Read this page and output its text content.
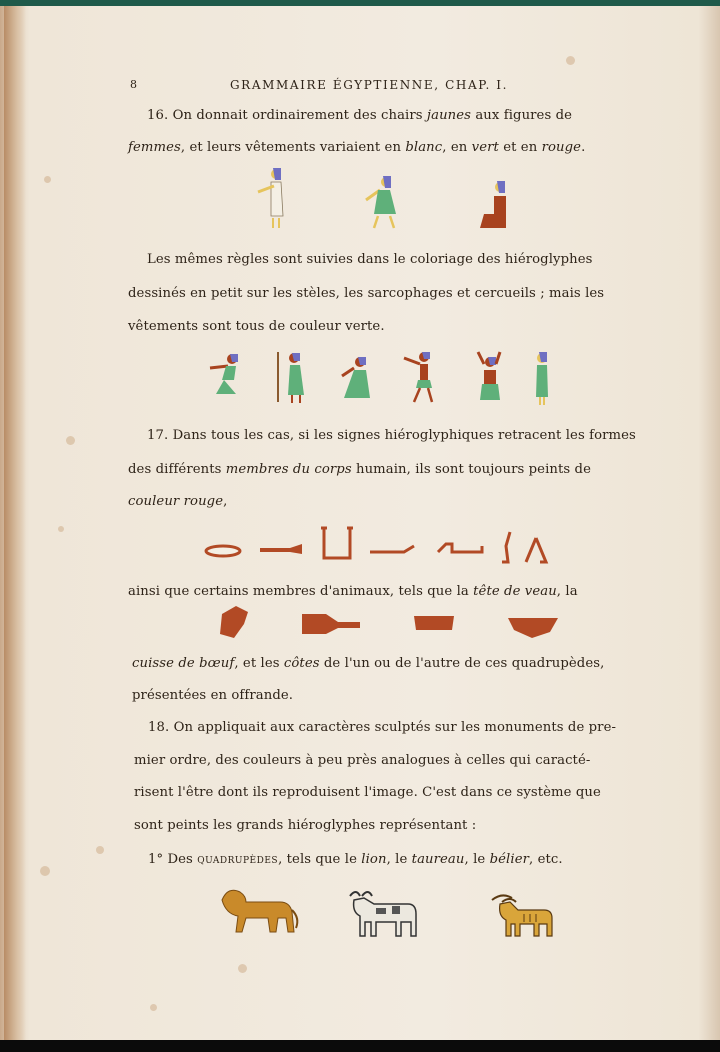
8	GRAMMAIRE ÉGYPTIENNE, CHAP. I.
16. On donnait ordinairement des chairs jaunes aux figures de
femmes, et leurs vêtements variaient en blanc, en vert et en rouge.
Les mêmes règles sont suivies dans le coloriage des hiéroglyphes
dessinés en petit sur les stèles, les sarcophages et cercueils ; mais les
vêtements sont tous de couleur verte.
17. Dans tous les cas, si les signes hiéroglyphiques retracent les formes
des différents membres du corps humain, ils sont toujours peints de
couleur rouge,
ainsi que certains membres d'animaux, tels que la tête de veau, la
cuisse de bœuf, et les côtes de l'un ou de l'autre de ces quadrupèdes,
présentées en offrande.
18. On appliquait aux caractères sculptés sur les monuments de pre-
mier ordre, des couleurs à peu près analogues à celles qui caracté-
risent l'être dont ils reproduisent l'image. C'est dans ce système que
sont peints les grands hiéroglyphes représentant :
1° Des quadrupèdes, tels que le lion, le taureau, le bélier, etc.
